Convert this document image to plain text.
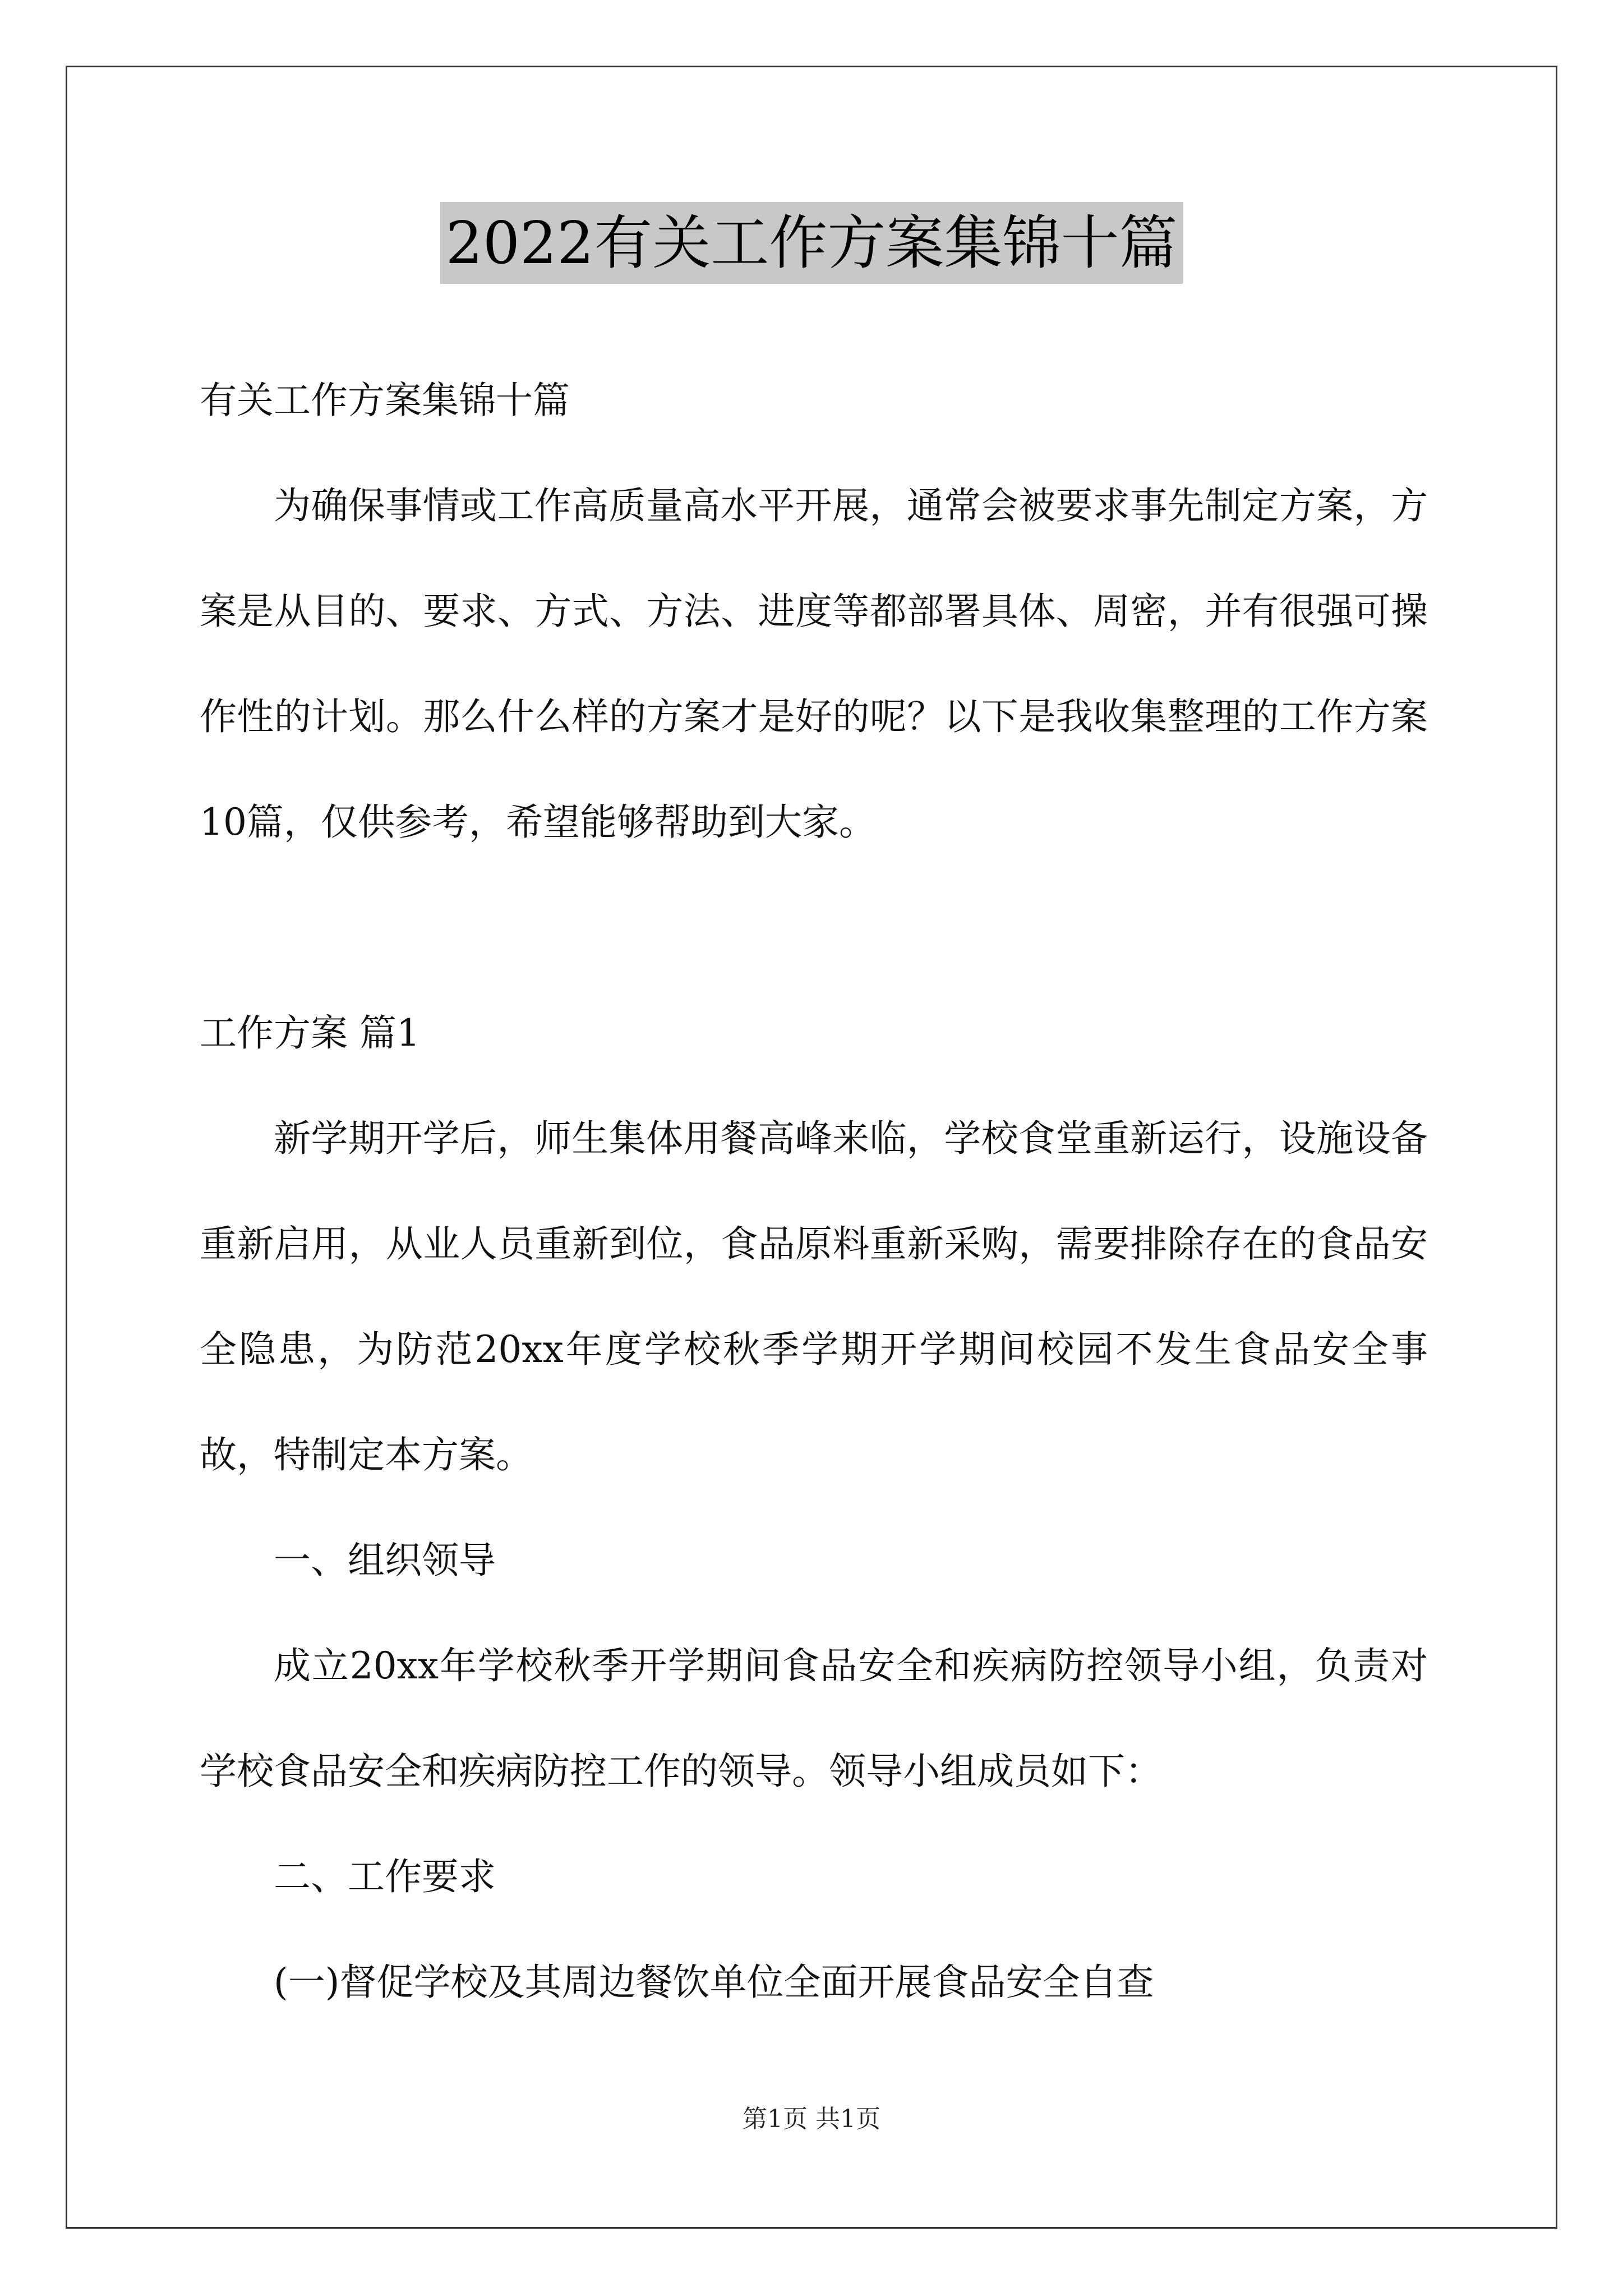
2022有关工作方案集锦十篇

有关工作方案集锦十篇

为确保事情或工作高质量高水平开展，通常会被要求事先制定方案，方案是从目的、要求、方式、方法、进度等都部署具体、周密，并有很强可操作性的计划。那么什么样的方案才是好的呢？以下是我收集整理的工作方案10篇，仅供参考，希望能够帮助到大家。

工作方案 篇1

新学期开学后，师生集体用餐高峰来临，学校食堂重新运行，设施设备重新启用，从业人员重新到位，食品原料重新采购，需要排除存在的食品安全隐患，为防范20xx年度学校秋季学期开学期间校园不发生食品安全事故，特制定本方案。

一、组织领导

成立20xx年学校秋季开学期间食品安全和疾病防控领导小组，负责对学校食品安全和疾病防控工作的领导。领导小组成员如下：

二、工作要求

(一)督促学校及其周边餐饮单位全面开展食品安全自查

第1页 共1页
